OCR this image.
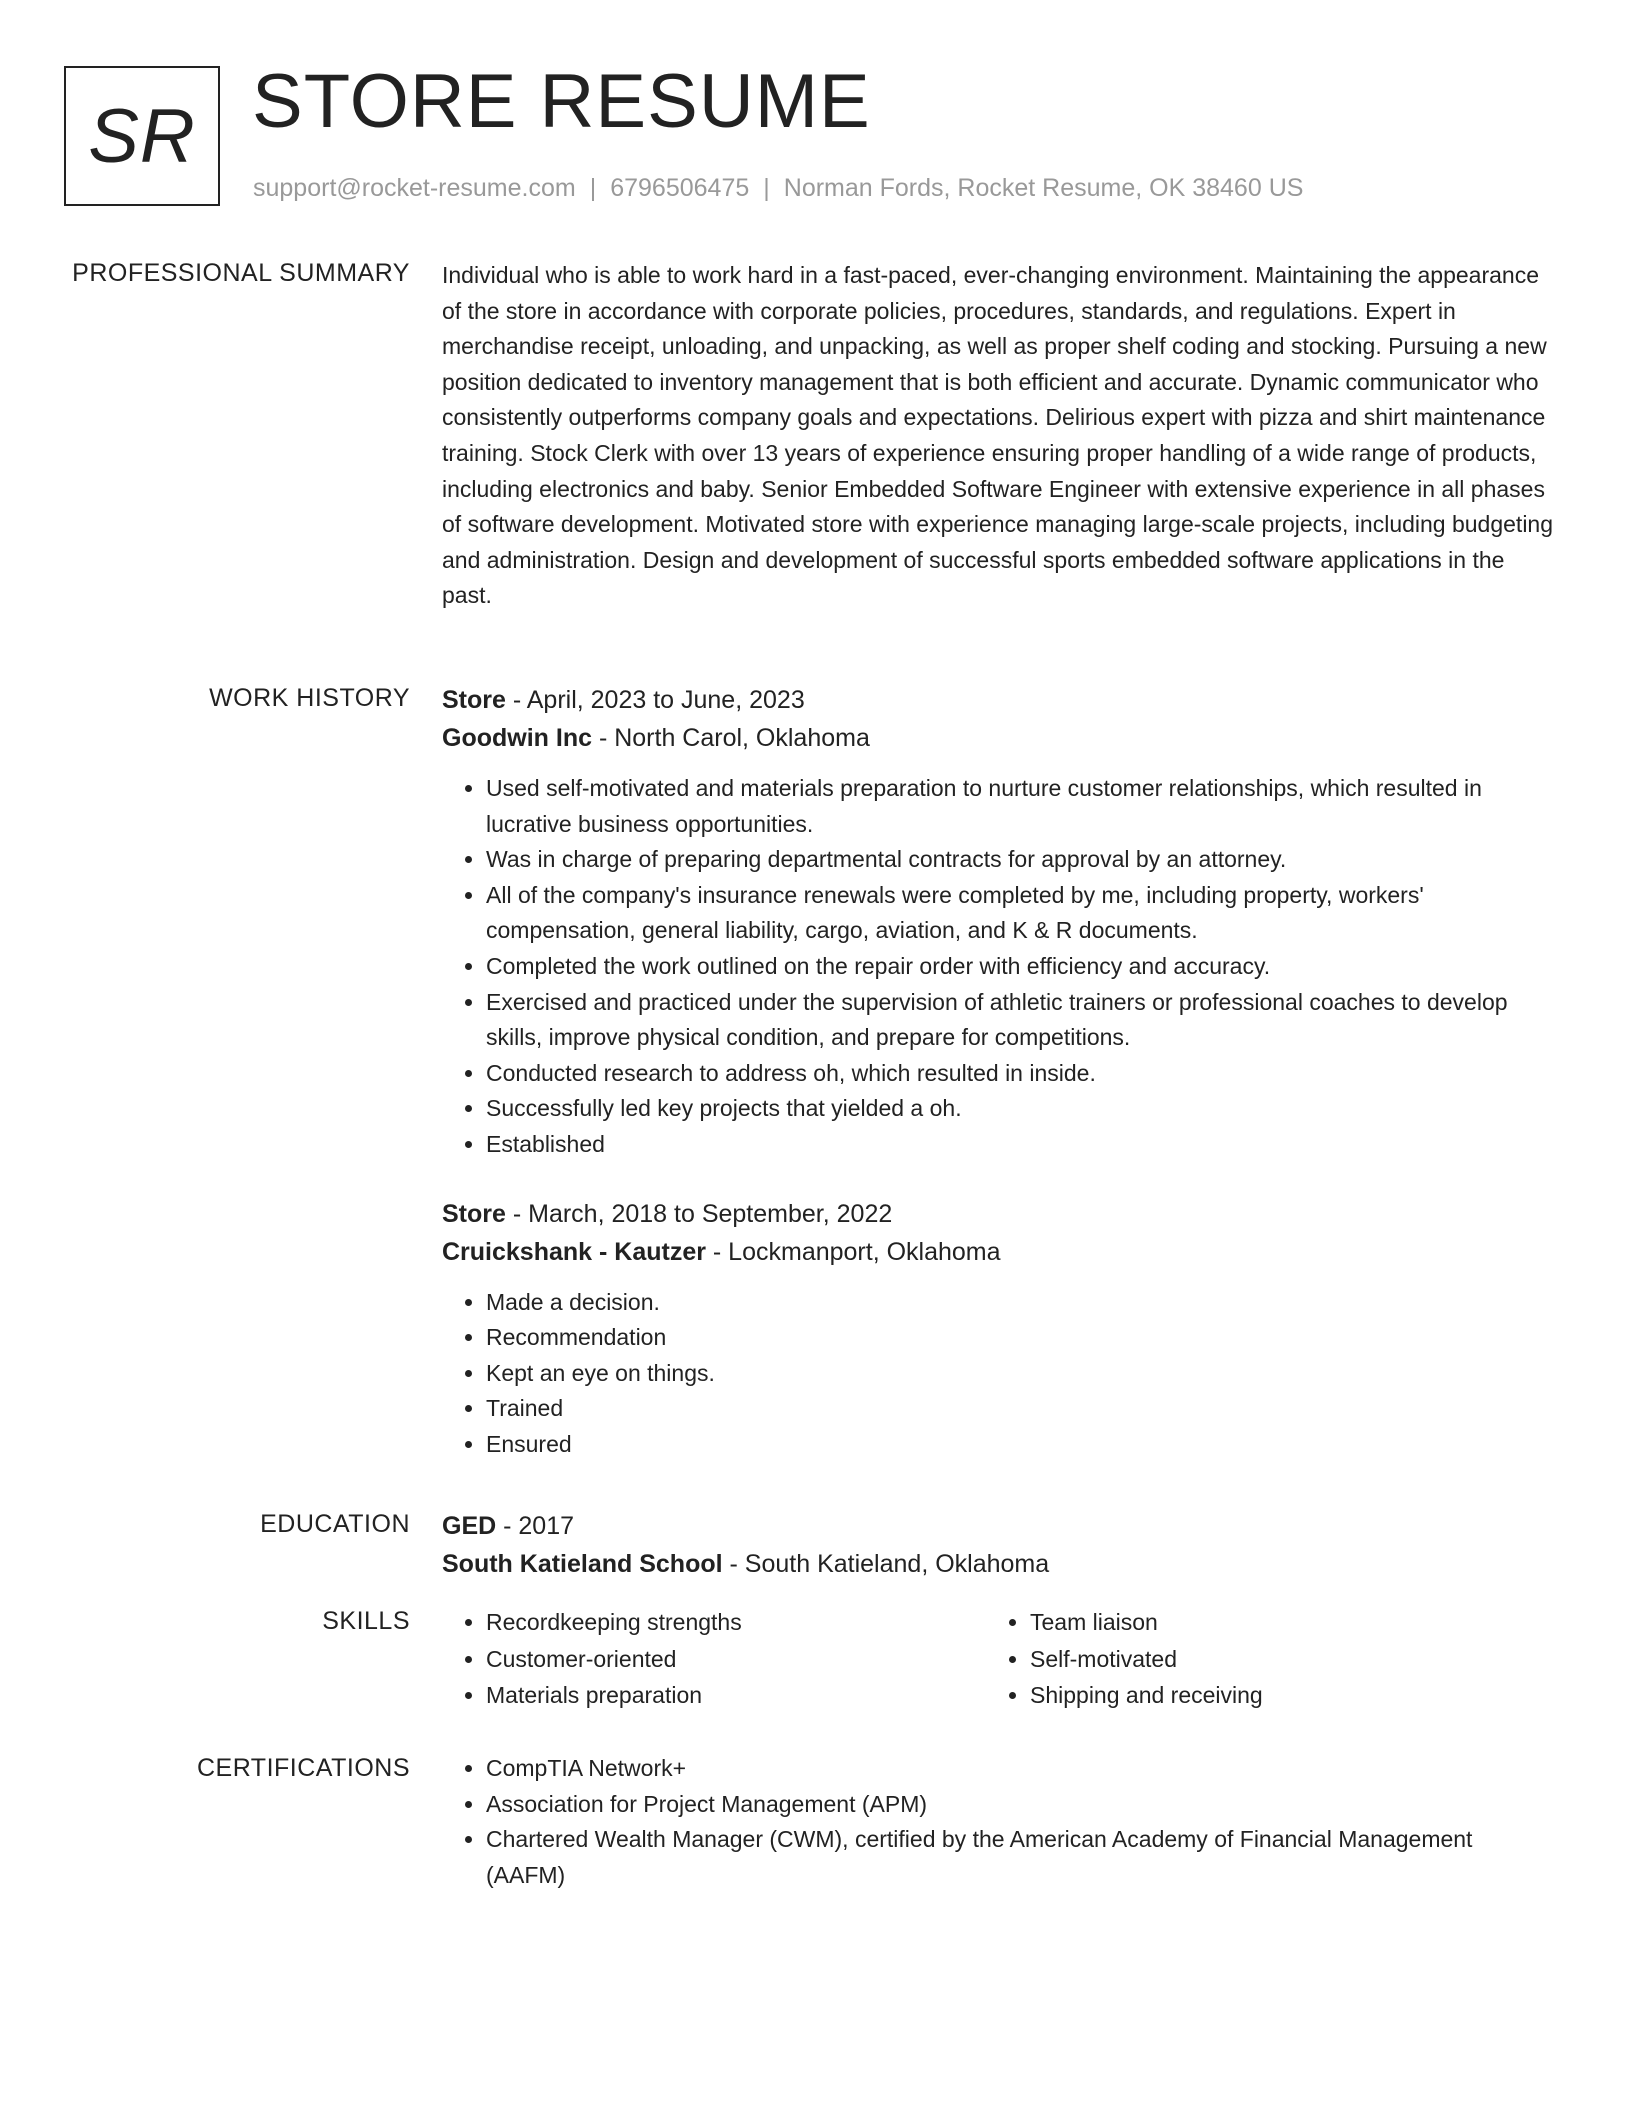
SR STORE RESUME
support@rocket-resume.com | 6796506475 | Norman Fords, Rocket Resume, OK 38460 US
PROFESSIONAL SUMMARY Individual who is able to work hard in a fast-paced, ever-changing environment. Maintaining the appearance of the store in accordance with corporate policies, procedures, standards, and regulations. Expert in merchandise receipt, unloading, and unpacking, as well as proper shelf coding and stocking. Pursuing a new position dedicated to inventory management that is both efficient and accurate. Dynamic communicator who consistently outperforms company goals and expectations. Delirious expert with pizza and shirt maintenance training. Stock Clerk with over 13 years of experience ensuring proper handling of a wide range of products, including electronics and baby. Senior Embedded Software Engineer with extensive experience in all phases of software development. Motivated store with experience managing large-scale projects, including budgeting and administration. Design and development of successful sports embedded software applications in the past.

WORK HISTORY Store - April, 2023 to June, 2023
Goodwin Inc - North Carol, Oklahoma
• Used self-motivated and materials preparation to nurture customer relationships, which resulted in lucrative business opportunities.
• Was in charge of preparing departmental contracts for approval by an attorney.
• All of the company's insurance renewals were completed by me, including property, workers' compensation, general liability, cargo, aviation, and K & R documents.
• Completed the work outlined on the repair order with efficiency and accuracy.
• Exercised and practiced under the supervision of athletic trainers or professional coaches to develop skills, improve physical condition, and prepare for competitions.
• Conducted research to address oh, which resulted in inside.
• Successfully led key projects that yielded a oh.
• Established
Store - March, 2018 to September, 2022
Cruickshank - Kautzer - Lockmanport, Oklahoma
• Made a decision.
• Recommendation
• Kept an eye on things.
• Trained
• Ensured
EDUCATION GED - 2017
South Katieland School - South Katieland, Oklahoma
SKILLS	• Recordkeeping strengths
• Customer-oriented
• Materials preparation
• Team liaison
• Self-motivated
• Shipping and receiving
CERTIFICATIONS	• CompTIA Network+
• Association for Project Management (APM)
• Chartered Wealth Manager (CWM), certified by the American Academy of Financial Management (AAFM)
